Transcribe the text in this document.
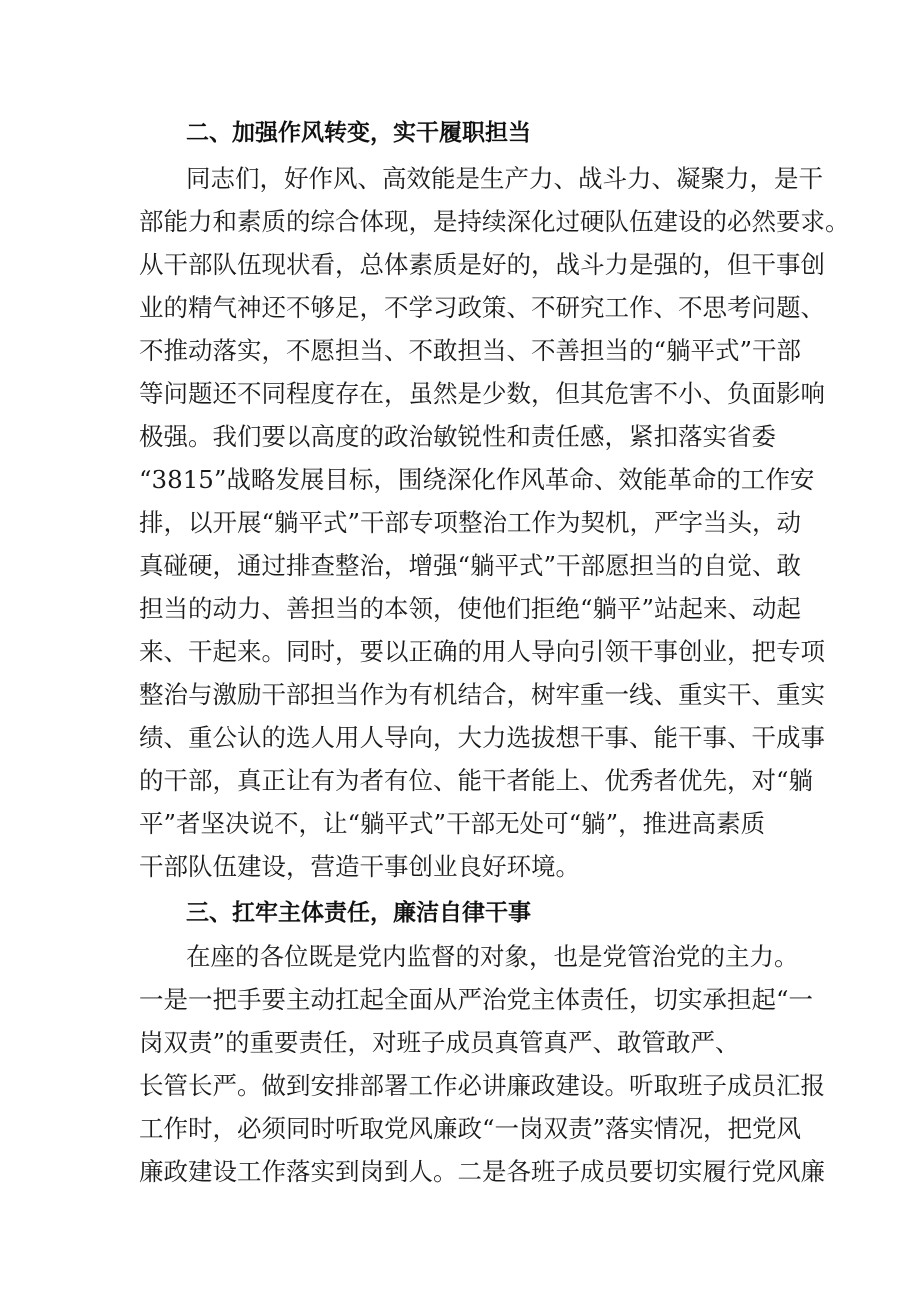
二、加强作风转变，实干履职担当
同志们，好作风、高效能是生产力、战斗力、凝聚力，是干
部能力和素质的综合体现，是持续深化过硬队伍建设的必然要求。
从干部队伍现状看，总体素质是好的，战斗力是强的，但干事创
业的精气神还不够足，不学习政策、不研究工作、不思考问题、
不推动落实，不愿担当、不敢担当、不善担当的“躺平式”干部
等问题还不同程度存在，虽然是少数，但其危害不小、负面影响
极强。我们要以高度的政治敏锐性和责任感，紧扣落实省委
“3815”战略发展目标，围绕深化作风革命、效能革命的工作安
排，以开展“躺平式”干部专项整治工作为契机，严字当头，动
真碰硬，通过排查整治，增强“躺平式”干部愿担当的自觉、敢
担当的动力、善担当的本领，使他们拒绝“躺平”站起来、动起
来、干起来。同时，要以正确的用人导向引领干事创业，把专项
整治与激励干部担当作为有机结合，树牢重一线、重实干、重实
绩、重公认的选人用人导向，大力选拔想干事、能干事、干成事
的干部，真正让有为者有位、能干者能上、优秀者优先，对“躺
平”者坚决说不，让“躺平式”干部无处可“躺”，推进高素质
干部队伍建设，营造干事创业良好环境。
三、扛牢主体责任，廉洁自律干事
在座的各位既是党内监督的对象，也是党管治党的主力。
一是一把手要主动扛起全面从严治党主体责任，切实承担起“一
岗双责”的重要责任，对班子成员真管真严、敢管敢严、
长管长严。做到安排部署工作必讲廉政建设。听取班子成员汇报
工作时，必须同时听取党风廉政“一岗双责”落实情况，把党风
廉政建设工作落实到岗到人。二是各班子成员要切实履行党风廉
